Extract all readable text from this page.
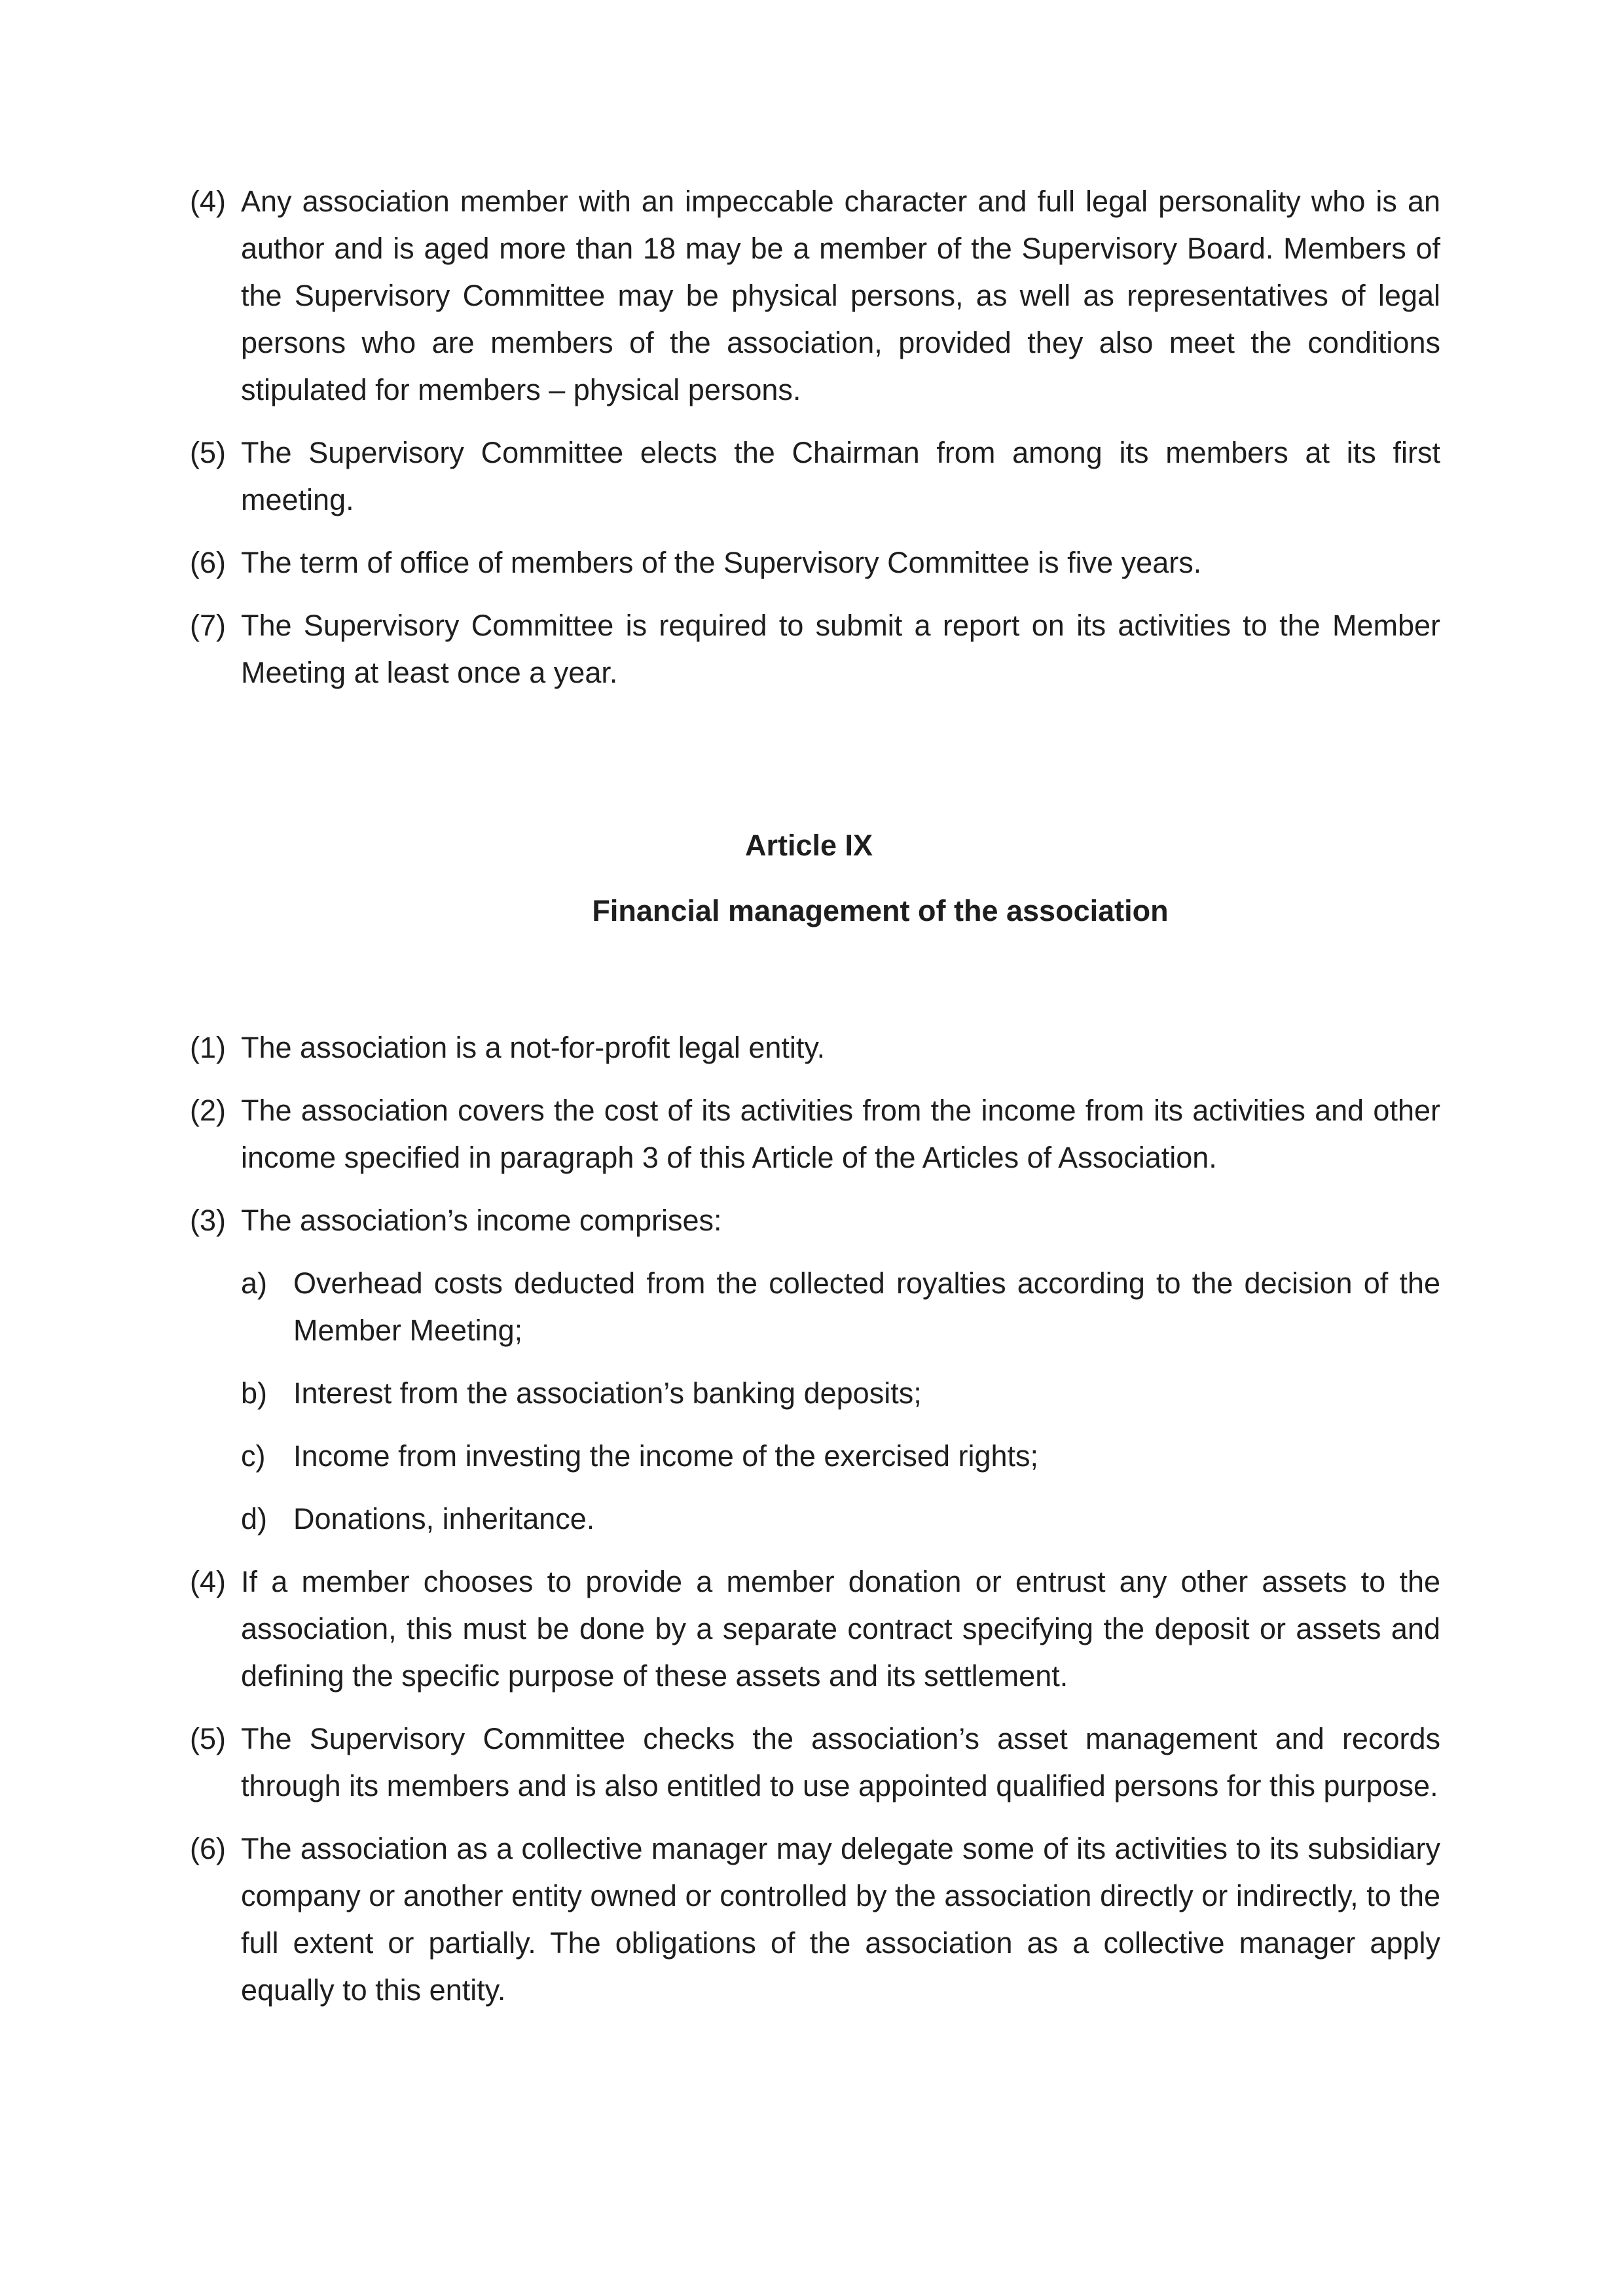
(4) Any association member with an impeccable character and full legal personality who is an author and is aged more than 18 may be a member of the Supervisory Board. Members of the Supervisory Committee may be physical persons, as well as representatives of legal persons who are members of the association, provided they also meet the conditions stipulated for members – physical persons.
(5) The Supervisory Committee elects the Chairman from among its members at its first meeting.
(6) The term of office of members of the Supervisory Committee is five years.
(7) The Supervisory Committee is required to submit a report on its activities to the Member Meeting at least once a year.
Article IX
Financial management of the association
(1) The association is a not-for-profit legal entity.
(2) The association covers the cost of its activities from the income from its activities and other income specified in paragraph 3 of this Article of the Articles of Association.
(3) The association’s income comprises:
a) Overhead costs deducted from the collected royalties according to the decision of the Member Meeting;
b) Interest from the association’s banking deposits;
c) Income from investing the income of the exercised rights;
d) Donations, inheritance.
(4) If a member chooses to provide a member donation or entrust any other assets to the association, this must be done by a separate contract specifying the deposit or assets and defining the specific purpose of these assets and its settlement.
(5) The Supervisory Committee checks the association’s asset management and records through its members and is also entitled to use appointed qualified persons for this purpose.
(6) The association as a collective manager may delegate some of its activities to its subsidiary company or another entity owned or controlled by the association directly or indirectly, to the full extent or partially. The obligations of the association as a collective manager apply equally to this entity.
